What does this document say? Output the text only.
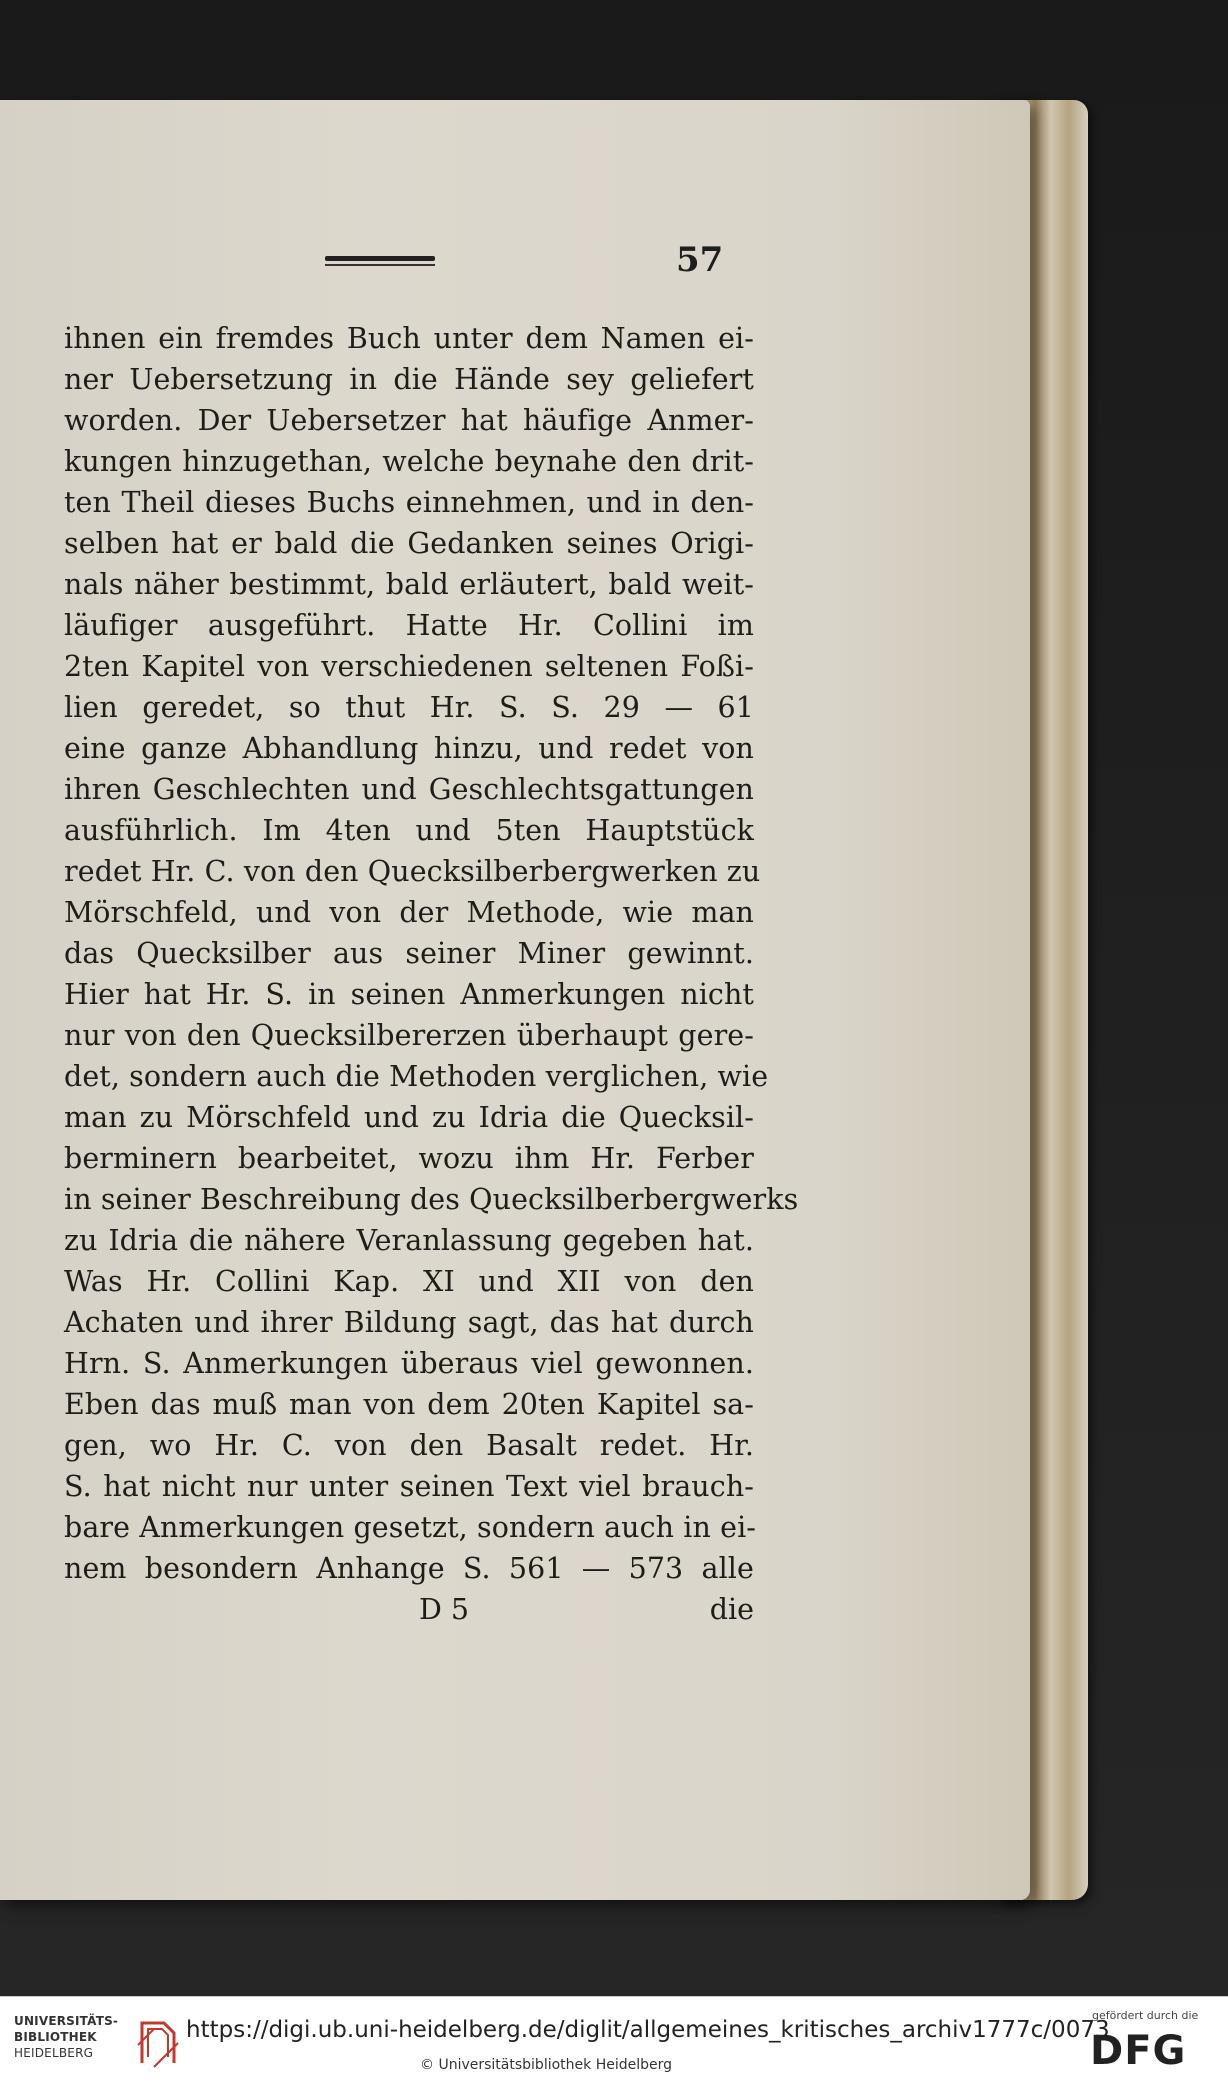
57
ihnen ein fremdes Buch unter dem Namen ei-
ner Uebersetzung in die Hände sey geliefert
worden. Der Uebersetzer hat häufige Anmer-
kungen hinzugethan, welche beynahe den drit-
ten Theil dieses Buchs einnehmen, und in den-
selben hat er bald die Gedanken seines Origi-
nals näher bestimmt, bald erläutert, bald weit-
läufiger ausgeführt. Hatte Hr. Collini im
2ten Kapitel von verschiedenen seltenen Foßi-
lien geredet, so thut Hr. S. S. 29 — 61
eine ganze Abhandlung hinzu, und redet von
ihren Geschlechten und Geschlechtsgattungen
ausführlich. Im 4ten und 5ten Hauptstück
redet Hr. C. von den Quecksilberbergwerken zu
Mörschfeld, und von der Methode, wie man
das Quecksilber aus seiner Miner gewinnt.
Hier hat Hr. S. in seinen Anmerkungen nicht
nur von den Quecksilbererzen überhaupt gere-
det, sondern auch die Methoden verglichen, wie
man zu Mörschfeld und zu Idria die Quecksil-
berminern bearbeitet, wozu ihm Hr. Ferber
in seiner Beschreibung des Quecksilberbergwerks
zu Idria die nähere Veranlassung gegeben hat.
Was Hr. Collini Kap. XI und XII von den
Achaten und ihrer Bildung sagt, das hat durch
Hrn. S. Anmerkungen überaus viel gewonnen.
Eben das muß man von dem 20ten Kapitel sa-
gen, wo Hr. C. von den Basalt redet. Hr.
S. hat nicht nur unter seinen Text viel brauch-
bare Anmerkungen gesetzt, sondern auch in ei-
nem besondern Anhange S. 561 — 573 alle
D 5	die
UNIVERSITÄTS-
BIBLIOTHEK
HEIDELBERG
https://digi.ub.uni-heidelberg.de/diglit/allgemeines_kritisches_archiv1777c/0073
© Universitätsbibliothek Heidelberg
gefördert durch die
DFG
